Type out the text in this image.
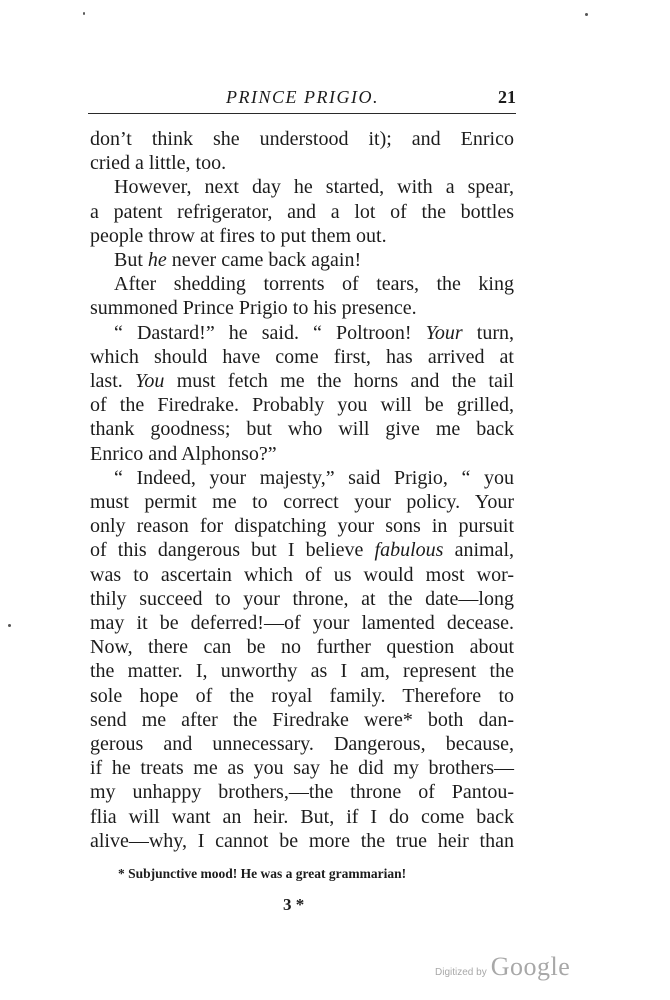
PRINCE PRIGIO.	21
don’t think she understood it); and Enrico
cried a little, too.
However, next day he started, with a spear,
a patent refrigerator, and a lot of the bottles
people throw at fires to put them out.
But he never came back again!
After shedding torrents of tears, the king
summoned Prince Prigio to his presence.
“ Dastard!” he said. “ Poltroon! Your turn,
which should have come first, has arrived at
last. You must fetch me the horns and the tail
of the Firedrake. Probably you will be grilled,
thank goodness; but who will give me back
Enrico and Alphonso?”
“ Indeed, your majesty,” said Prigio, “ you
must permit me to correct your policy. Your
only reason for dispatching your sons in pursuit
of this dangerous but I believe fabulous animal,
was to ascertain which of us would most wor-
thily succeed to your throne, at the date—long
may it be deferred!—of your lamented decease.
Now, there can be no further question about
the matter. I, unworthy as I am, represent the
sole hope of the royal family. Therefore to
send me after the Firedrake were* both dan-
gerous and unnecessary. Dangerous, because,
if he treats me as you say he did my brothers—
my unhappy brothers,—the throne of Pantou-
flia will want an heir. But, if I do come back
alive—why, I cannot be more the true heir than
* Subjunctive mood! He was a great grammarian!
3 *
Digitized by Google
